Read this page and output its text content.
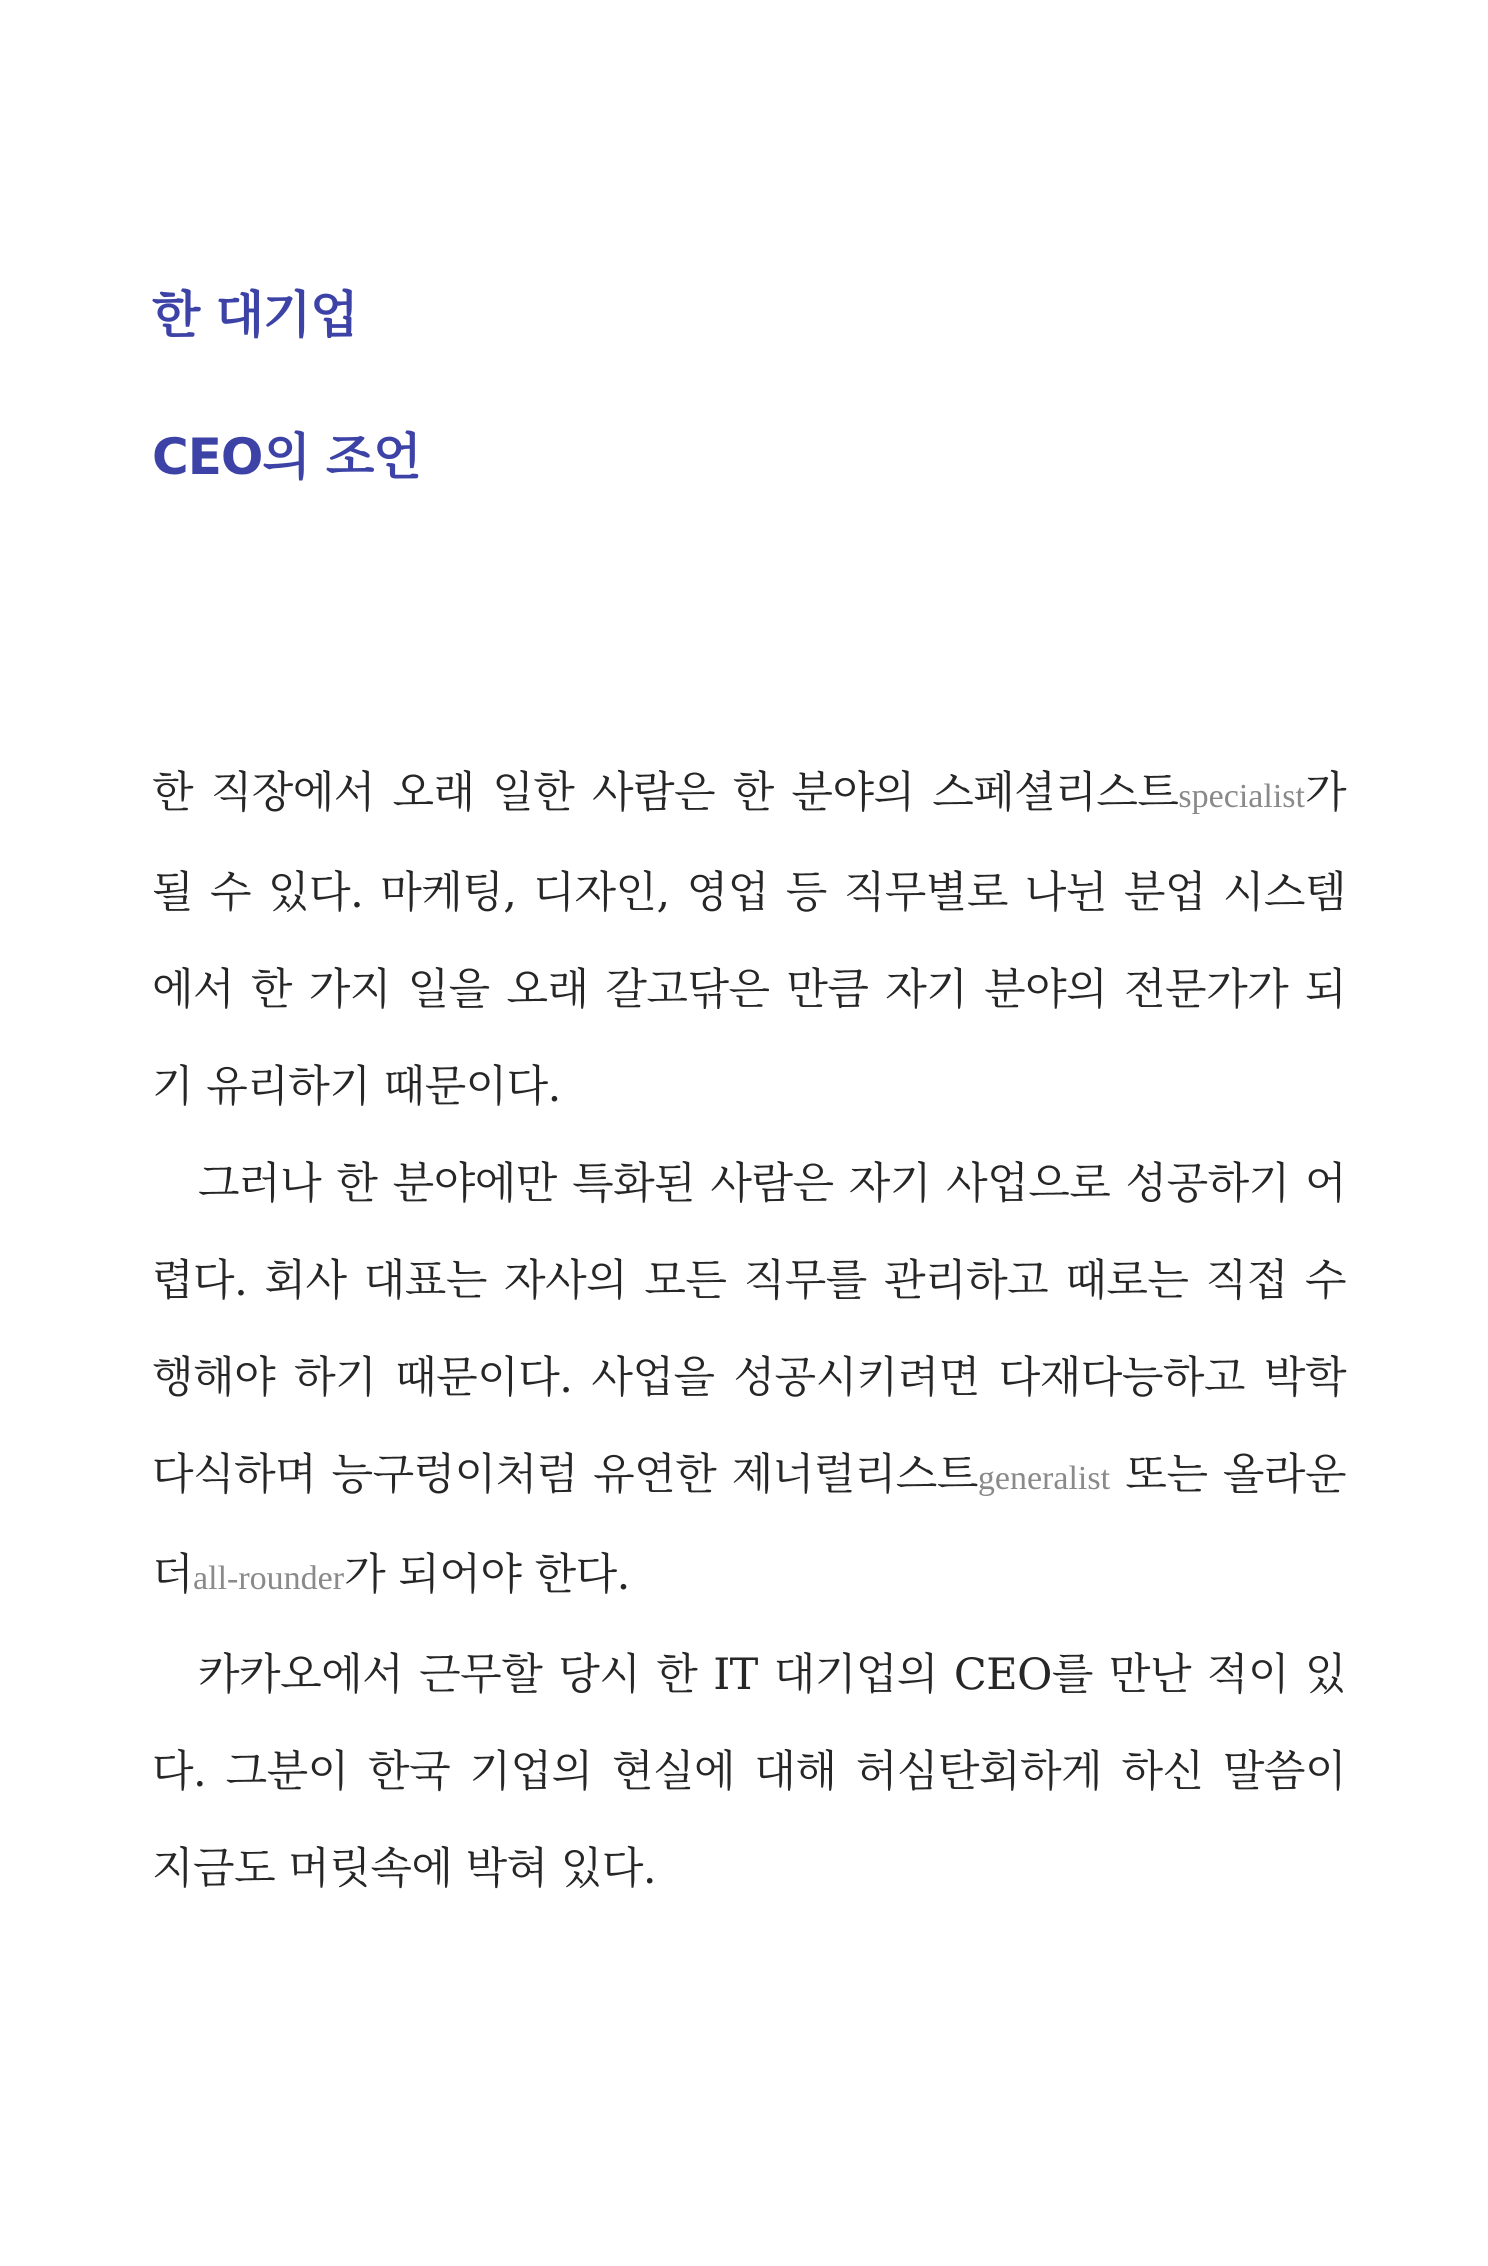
한 대기업
CEO의 조언

한 직장에서 오래 일한 사람은 한 분야의 스페셜리스트specialist가 될 수 있다. 마케팅, 디자인, 영업 등 직무별로 나뉜 분업 시스템에서 한 가지 일을 오래 갈고닦은 만큼 자기 분야의 전문가가 되기 유리하기 때문이다.

그러나 한 분야에만 특화된 사람은 자기 사업으로 성공하기 어렵다. 회사 대표는 자사의 모든 직무를 관리하고 때로는 직접 수행해야 하기 때문이다. 사업을 성공시키려면 다재다능하고 박학다식하며 능구렁이처럼 유연한 제너럴리스트generalist 또는 올라운더all-rounder가 되어야 한다.

카카오에서 근무할 당시 한 IT 대기업의 CEO를 만난 적이 있다. 그분이 한국 기업의 현실에 대해 허심탄회하게 하신 말씀이 지금도 머릿속에 박혀 있다.
